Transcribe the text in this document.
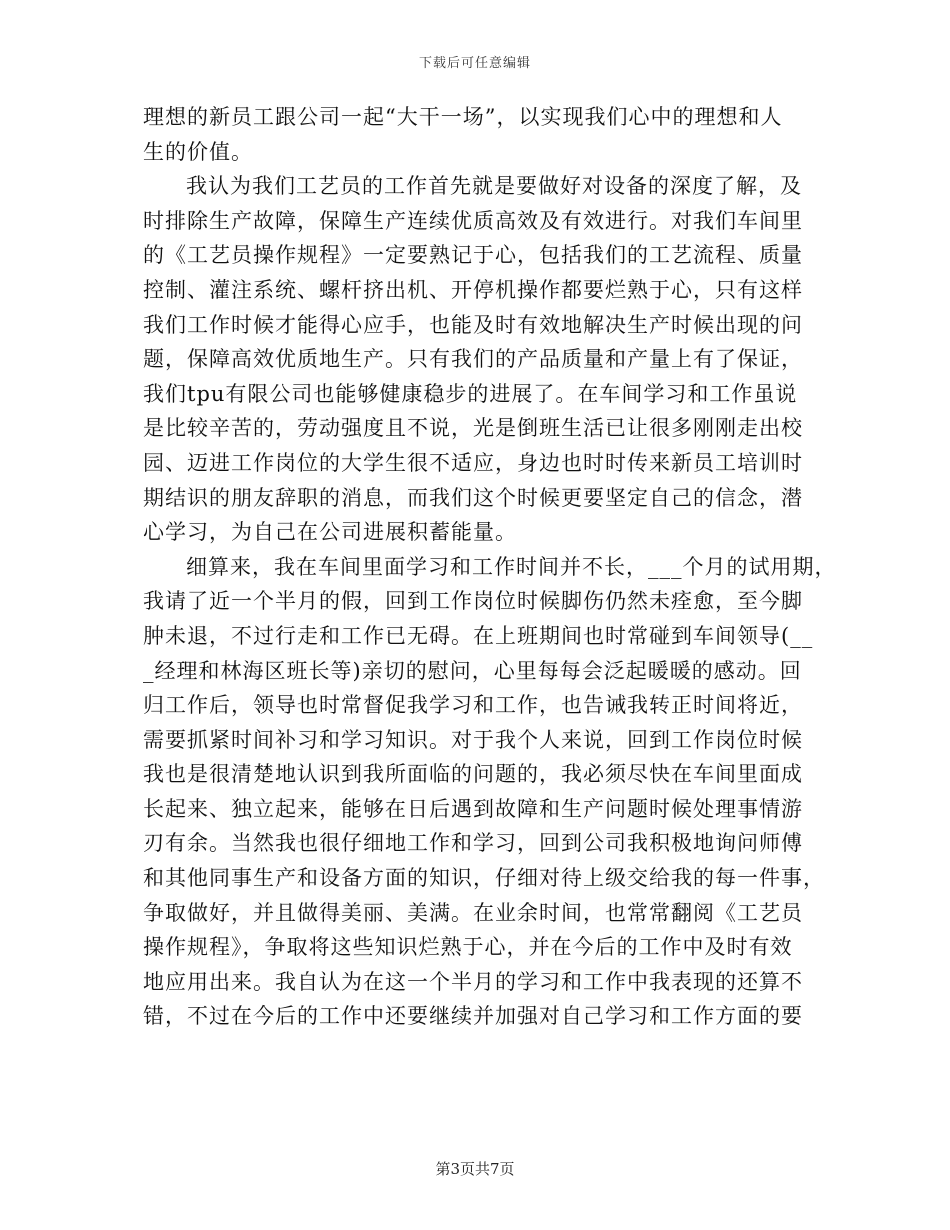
下载后可任意编辑
理想的新员工跟公司一起“大干一场”，以实现我们心中的理想和人
生的价值。
我认为我们工艺员的工作首先就是要做好对设备的深度了解，及
时排除生产故障，保障生产连续优质高效及有效进行。对我们车间里
的《工艺员操作规程》一定要熟记于心，包括我们的工艺流程、质量
控制、灌注系统、螺杆挤出机、开停机操作都要烂熟于心，只有这样
我们工作时候才能得心应手，也能及时有效地解决生产时候出现的问
题，保障高效优质地生产。只有我们的产品质量和产量上有了保证，
我们tpu有限公司也能够健康稳步的进展了。在车间学习和工作虽说
是比较辛苦的，劳动强度且不说，光是倒班生活已让很多刚刚走出校
园、迈进工作岗位的大学生很不适应，身边也时时传来新员工培训时
期结识的朋友辞职的消息，而我们这个时候更要坚定自己的信念，潜
心学习，为自己在公司进展积蓄能量。
细算来，我在车间里面学习和工作时间并不长，___个月的试用期，
我请了近一个半月的假，回到工作岗位时候脚伤仍然未痊愈，至今脚
肿未退，不过行走和工作已无碍。在上班期间也时常碰到车间领导(__
_经理和林海区班长等)亲切的慰问，心里每每会泛起暖暖的感动。回
归工作后，领导也时常督促我学习和工作，也告诫我转正时间将近，
需要抓紧时间补习和学习知识。对于我个人来说，回到工作岗位时候
我也是很清楚地认识到我所面临的问题的，我必须尽快在车间里面成
长起来、独立起来，能够在日后遇到故障和生产问题时候处理事情游
刃有余。当然我也很仔细地工作和学习，回到公司我积极地询问师傅
和其他同事生产和设备方面的知识，仔细对待上级交给我的每一件事，
争取做好，并且做得美丽、美满。在业余时间，也常常翻阅《工艺员
操作规程》，争取将这些知识烂熟于心，并在今后的工作中及时有效
地应用出来。我自认为在这一个半月的学习和工作中我表现的还算不
错，不过在今后的工作中还要继续并加强对自己学习和工作方面的要
第3页共7页
